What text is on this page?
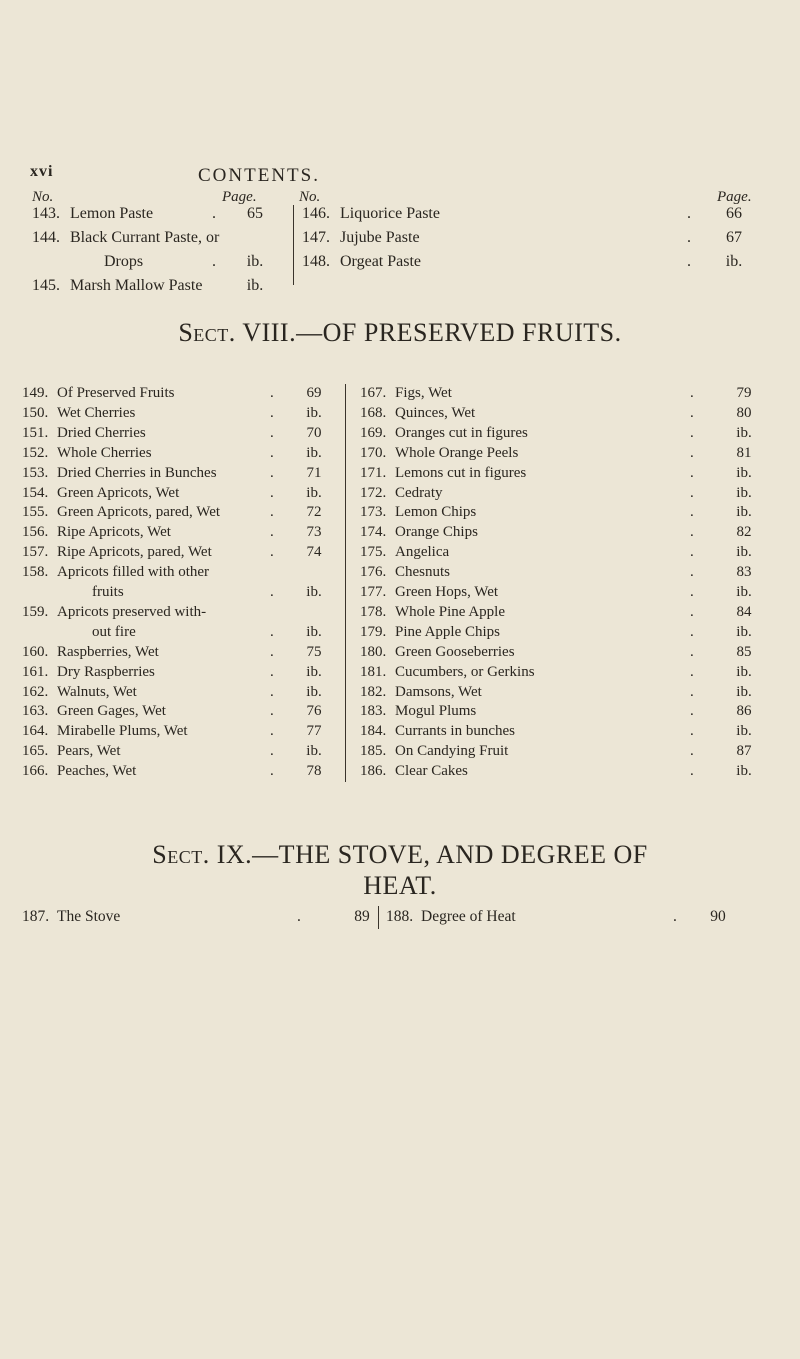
xvi	CONTENTS.
No.	Page.	No.	Page.
143. Lemon Paste	65
.
144. Black Currant Paste, or
Drops	ib.
.
145. Marsh Mallow Paste	ib.
146. Liquorice Paste	66
.
147. Jujube Paste	67
.
148. Orgeat Paste	ib.
.
Sect. VIII.—OF PRESERVED FRUITS.
149. Of Preserved Fruits	69
.
150. Wet Cherries	ib.
.
151. Dried Cherries	70
.
152. Whole Cherries	ib.
.
153. Dried Cherries in Bunches	71
.
154. Green Apricots, Wet	ib.
.
155. Green Apricots, pared, Wet	72
.
156. Ripe Apricots, Wet	73
.
157. Ripe Apricots, pared, Wet	74
.
158. Apricots filled with other
fruits	ib.
.
159. Apricots preserved with-
out fire	ib.
.
160. Raspberries, Wet	75
.
161. Dry Raspberries	ib.
.
162. Walnuts, Wet	ib.
.
163. Green Gages, Wet	76
.
164. Mirabelle Plums, Wet	77
.
165. Pears, Wet	ib.
.
166. Peaches, Wet	78
.
167. Figs, Wet	79
.
168. Quinces, Wet	80
.
169. Oranges cut in figures	ib.
.
170. Whole Orange Peels	81
.
171. Lemons cut in figures	ib.
.
172. Cedraty	ib.
.
173. Lemon Chips	ib.
.
174. Orange Chips	82
.
175. Angelica	ib.
.
176. Chesnuts	83
.
177. Green Hops, Wet	ib.
.
178. Whole Pine Apple	84
.
179. Pine Apple Chips	ib.
.
180. Green Gooseberries	85
.
181. Cucumbers, or Gerkins	ib.
.
182. Damsons, Wet	ib.
.
183. Mogul Plums	86
.
184. Currants in bunches	ib.
.
185. On Candying Fruit	87
.
186. Clear Cakes	ib.
.
Sect. IX.—THE STOVE, AND DEGREE OF
HEAT.
187. The Stove	89
.	188. Degree of Heat	.	90
